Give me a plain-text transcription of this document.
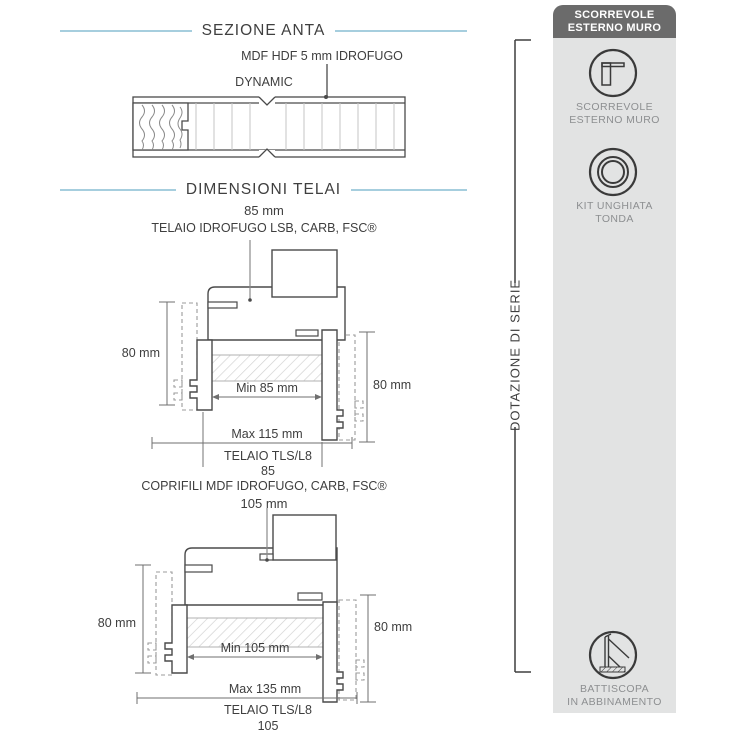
SEZIONE ANTA
MDF HDF 5 mm IDROFUGO
DYNAMIC
DIMENSIONI TELAI
85 mm
TELAIO IDROFUGO LSB, CARB, FSC®
80 mm
80 mm
Min 85 mm
Max 115 mm
TELAIO TLS/L8
85
COPRIFILI MDF IDROFUGO, CARB, FSC®
105 mm
80 mm	80 mm
Min 105 mm
Max 135 mm
TELAIO TLS/L8
105
SCORREVOLE
ESTERNO MURO
SCORREVOLE
ESTERNO MURO
KIT UNGHIATA
TONDA
DOTAZIONE DI SERIE
BATTISCOPA
IN ABBINAMENTO
